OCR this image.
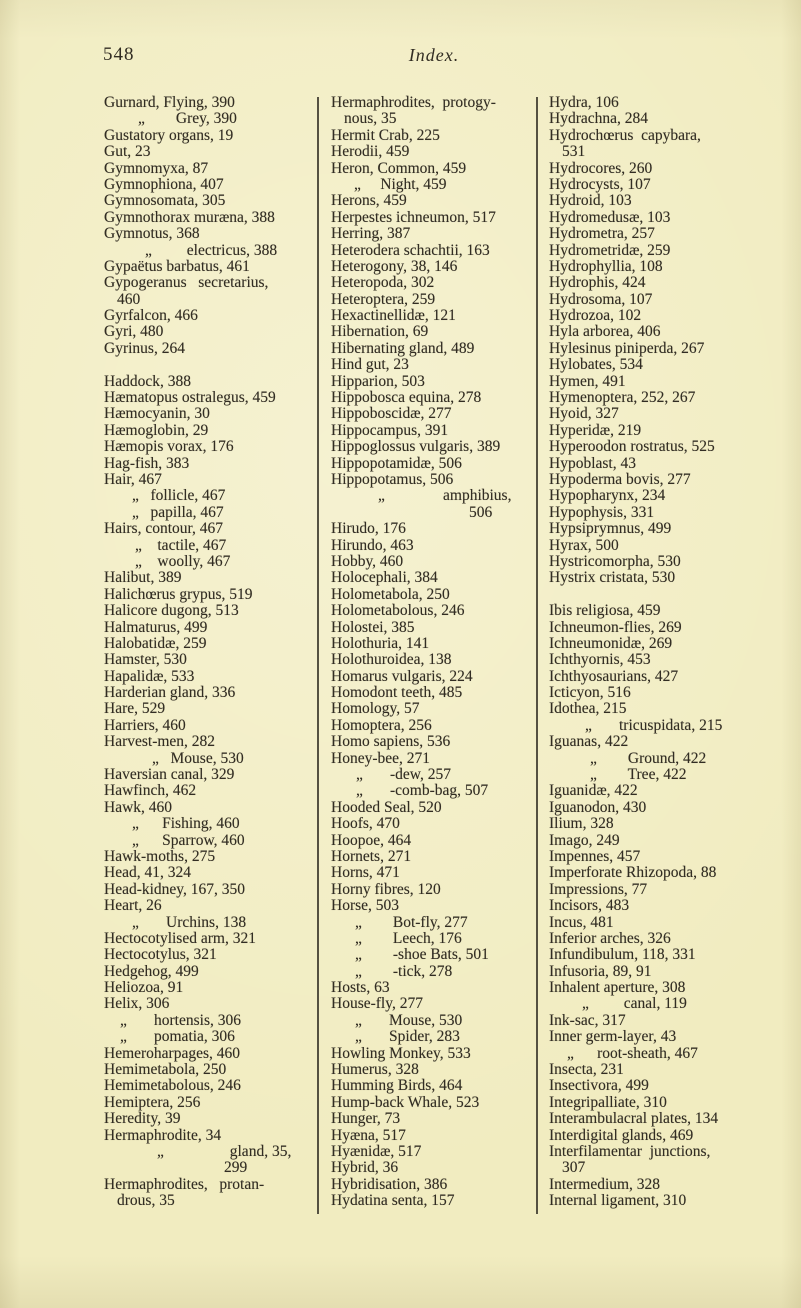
548	Index.
Gurnard, Flying, 390
„        Grey, 390
Gustatory organs, 19
Gut, 23
Gymnomyxa, 87
Gymnophiona, 407
Gymnosomata, 305
Gymnothorax muræna, 388
Gymnotus, 368
„         electricus, 388
Gypaëtus barbatus, 461
Gypogeranus   secretarius,
460
Gyrfalcon, 466
Gyri, 480
Gyrinus, 264

Haddock, 388
Hæmatopus ostralegus, 459
Hæmocyanin, 30
Hæmoglobin, 29
Hæmopis vorax, 176
Hag-fish, 383
Hair, 467
„   follicle, 467
„   papilla, 467
Hairs, contour, 467
„    tactile, 467
„    woolly, 467
Halibut, 389
Halichœrus grypus, 519
Halicore dugong, 513
Halmaturus, 499
Halobatidæ, 259
Hamster, 530
Hapalidæ, 533
Harderian gland, 336
Hare, 529
Harriers, 460
Harvest-men, 282
„   Mouse, 530
Haversian canal, 329
Hawfinch, 462
Hawk, 460
„      Fishing, 460
„      Sparrow, 460
Hawk-moths, 275
Head, 41, 324
Head-kidney, 167, 350
Heart, 26
„       Urchins, 138
Hectocotylised arm, 321
Hectocotylus, 321
Hedgehog, 499
Heliozoa, 91
Helix, 306
„       hortensis, 306
„       pomatia, 306
Hemeroharpages, 460
Hemimetabola, 250
Hemimetabolous, 246
Hemiptera, 256
Heredity, 39
Hermaphrodite, 34
„                 gland, 35,
299
Hermaphrodites,   protan-
drous, 35
Hermaphrodites,  protogy-
nous, 35
Hermit Crab, 225
Herodii, 459
Heron, Common, 459
„     Night, 459
Herons, 459
Herpestes ichneumon, 517
Herring, 387
Heterodera schachtii, 163
Heterogony, 38, 146
Heteropoda, 302
Heteroptera, 259
Hexactinellidæ, 121
Hibernation, 69
Hibernating gland, 489
Hind gut, 23
Hipparion, 503
Hippobosca equina, 278
Hippoboscidæ, 277
Hippocampus, 391
Hippoglossus vulgaris, 389
Hippopotamidæ, 506
Hippopotamus, 506
„               amphibius,
506
Hirudo, 176
Hirundo, 463
Hobby, 460
Holocephali, 384
Holometabola, 250
Holometabolous, 246
Holostei, 385
Holothuria, 141
Holothuroidea, 138
Homarus vulgaris, 224
Homodont teeth, 485
Homology, 57
Homoptera, 256
Homo sapiens, 536
Honey-bee, 271
„       -dew, 257
„       -comb-bag, 507
Hooded Seal, 520
Hoofs, 470
Hoopoe, 464
Hornets, 271
Horns, 471
Horny fibres, 120
Horse, 503
„        Bot-fly, 277
„        Leech, 176
„        -shoe Bats, 501
„        -tick, 278
Hosts, 63
House-fly, 277
„       Mouse, 530
„       Spider, 283
Howling Monkey, 533
Humerus, 328
Humming Birds, 464
Hump-back Whale, 523
Hunger, 73
Hyæna, 517
Hyænidæ, 517
Hybrid, 36
Hybridisation, 386
Hydatina senta, 157
Hydra, 106
Hydrachna, 284
Hydrochœrus  capybara,
531
Hydrocores, 260
Hydrocysts, 107
Hydroid, 103
Hydromedusæ, 103
Hydrometra, 257
Hydrometridæ, 259
Hydrophyllia, 108
Hydrophis, 424
Hydrosoma, 107
Hydrozoa, 102
Hyla arborea, 406
Hylesinus piniperda, 267
Hylobates, 534
Hymen, 491
Hymenoptera, 252, 267
Hyoid, 327
Hyperidæ, 219
Hyperoodon rostratus, 525
Hypoblast, 43
Hypoderma bovis, 277
Hypopharynx, 234
Hypophysis, 331
Hypsiprymnus, 499
Hyrax, 500
Hystricomorpha, 530
Hystrix cristata, 530

Ibis religiosa, 459
Ichneumon-flies, 269
Ichneumonidæ, 269
Ichthyornis, 453
Ichthyosaurians, 427
Icticyon, 516
Idothea, 215
„       tricuspidata, 215
Iguanas, 422
„        Ground, 422
„        Tree, 422
Iguanidæ, 422
Iguanodon, 430
Ilium, 328
Imago, 249
Impennes, 457
Imperforate Rhizopoda, 88
Impressions, 77
Incisors, 483
Incus, 481
Inferior arches, 326
Infundibulum, 118, 331
Infusoria, 89, 91
Inhalent aperture, 308
„         canal, 119
Ink-sac, 317
Inner germ-layer, 43
„      root-sheath, 467
Insecta, 231
Insectivora, 499
Integripalliate, 310
Interambulacral plates, 134
Interdigital glands, 469
Interfilamentar  junctions,
307
Intermedium, 328
Internal ligament, 310
